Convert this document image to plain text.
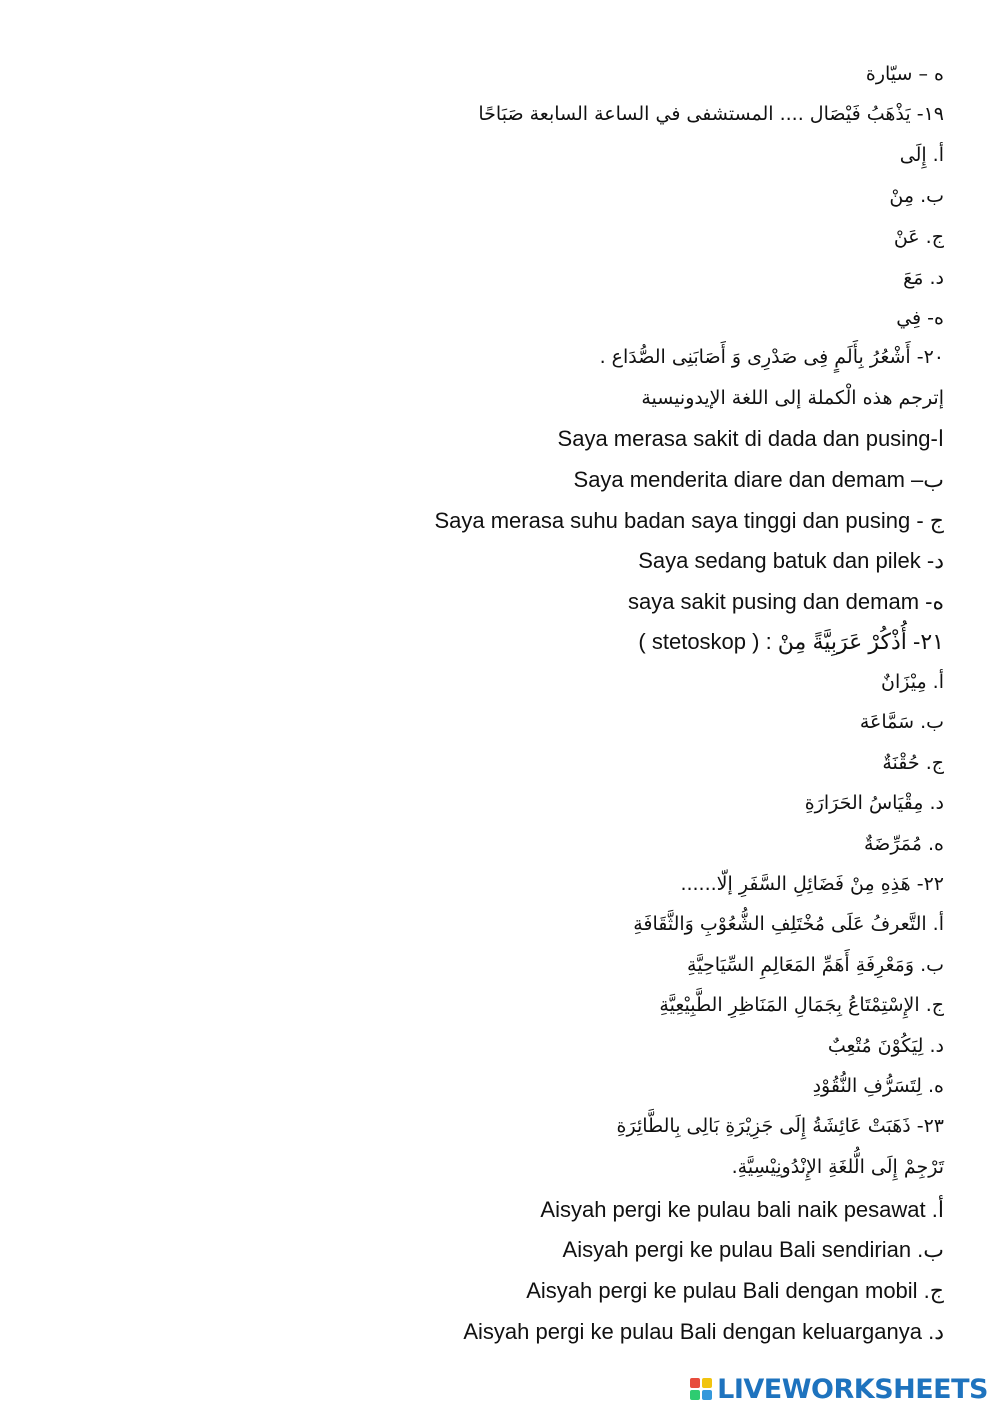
ه – سيّارة
١٩- يَذْهَبُ فَيْصَال .... المستشفى في الساعة السابعة صَبَاحًا
أ. إِلَى
ب. مِنْ
ج. عَنْ
د. مَعَ
ه- فِي
٢٠- أَشْعُرُ بِأَلَمٍ فِى صَدْرِى وَ أَصَابَنِى الصُّدَاع .
إترجم هذه الْكملة إلى اللغة الإيدونيسية
ا-Saya merasa sakit di dada dan pusing
ب– Saya menderita diare dan demam
ج - Saya merasa suhu badan saya tinggi dan pusing
د- Saya sedang batuk dan pilek
ه- saya sakit pusing dan demam
٢١- أُذْكُرْ عَرَبِيَّةً مِنْ : ( stetoskop )
أ. مِيْزَانٌ
ب. سَمَّاعَة
ج. حُقْنَةٌ
د. مِقْيَاسُ الحَرَارَةِ
ه. مُمَرِّضَةٌ
٢٢- هَذِهِ مِنْ فَضَائِلِ السَّفَرِ إلّا......
أ. التَّعرفُ عَلَى مُخْتَلِفِ الشُّعُوْبِ وَالثَّقَافَةِ
ب. وَمَعْرِفَةِ أَهَمِّ المَعَالِمِ السِّيَاحِيَّةِ
ج. الإِسْتِمْتَاعُ بِجَمَالِ المَنَاظِرِ الطَّبِيْعِيَّةِ
د. لِيَكُوْنَ مُتْعِبٌ
ه. لِتَسَرُّفِ النُّقُوْدِ
٢٣- ذَهَبَتْ عَائِشَةُ إِلَى جَزِيْرَةِ بَالِى بِالطَّائِرَةِ
تَرْجِمْ إِلَى الُّلغَةِ الإِنْدُونِيْسِيَّةِ.
أ. Aisyah pergi ke pulau bali naik pesawat
ب. Aisyah pergi ke pulau Bali sendirian
ج. Aisyah pergi ke pulau Bali dengan mobil
د. Aisyah pergi ke pulau Bali dengan keluarganya
LIVEWORKSHEETS
